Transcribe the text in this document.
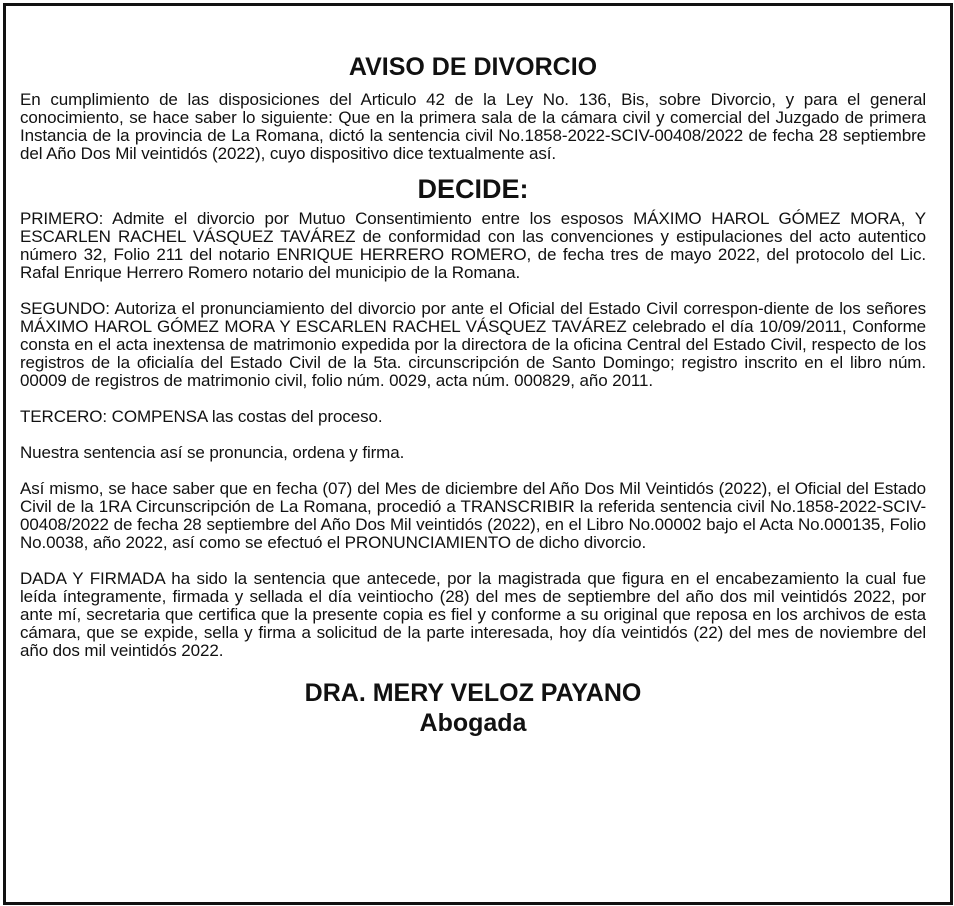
AVISO DE DIVORCIO

En cumplimiento de las disposiciones del Articulo 42 de la Ley No. 136, Bis, sobre Divorcio, y para el general conocimiento, se hace saber lo siguiente: Que en la primera sala de la cámara civil y comercial del Juzgado de primera Instancia de la provincia de La Romana, dictó la sentencia civil No.1858-2022-SCIV-00408/2022 de fecha 28 septiembre del Año Dos Mil veintidós (2022), cuyo dispositivo dice textualmente así.

DECIDE:

PRIMERO: Admite el divorcio por Mutuo Consentimiento entre los esposos MÁXIMO HAROL GÓMEZ MORA, Y ESCARLEN RACHEL VÁSQUEZ TAVÁREZ de conformidad con las convenciones y estipulaciones del acto autentico número 32, Folio 211 del notario ENRIQUE HERRERO ROMERO, de fecha tres de mayo 2022, del protocolo del Lic. Rafal Enrique Herrero Romero notario del municipio de la Romana.

SEGUNDO: Autoriza el pronunciamiento del divorcio por ante el Oficial del Estado Civil correspon-diente de los señores MÁXIMO HAROL GÓMEZ MORA Y ESCARLEN RACHEL VÁSQUEZ TAVÁREZ celebrado el día 10/09/2011, Conforme consta en el acta inextensa de matrimonio expedida por la directora de la oficina Central del Estado Civil, respecto de los registros de la oficialía del Estado Civil de la 5ta. circunscripción de Santo Domingo; registro inscrito en el libro núm. 00009 de registros de matrimonio civil, folio núm. 0029, acta núm. 000829, año 2011.

TERCERO: COMPENSA las costas del proceso.

Nuestra sentencia así se pronuncia, ordena y firma.

Así mismo, se hace saber que en fecha (07) del Mes de diciembre del Año Dos Mil Veintidós (2022), el Oficial del Estado Civil de la 1RA Circunscripción de La Romana, procedió a TRANSCRIBIR la referida sentencia civil No.1858-2022-SCIV-00408/2022 de fecha 28 septiembre del Año Dos Mil veintidós (2022), en el Libro No.00002 bajo el Acta No.000135, Folio No.0038, año 2022, así como se efectuó el PRONUNCIAMIENTO de dicho divorcio.

DADA Y FIRMADA ha sido la sentencia que antecede, por la magistrada que figura en el encabezamiento la cual fue leída íntegramente, firmada y sellada el día veintiocho (28) del mes de septiembre del año dos mil veintidós 2022, por ante mí, secretaria que certifica que la presente copia es fiel y conforme a su original que reposa en los archivos de esta cámara, que se expide, sella y firma a solicitud de la parte interesada, hoy día veintidós (22) del mes de noviembre del año dos mil veintidós 2022.

DRA. MERY VELOZ PAYANO
Abogada
